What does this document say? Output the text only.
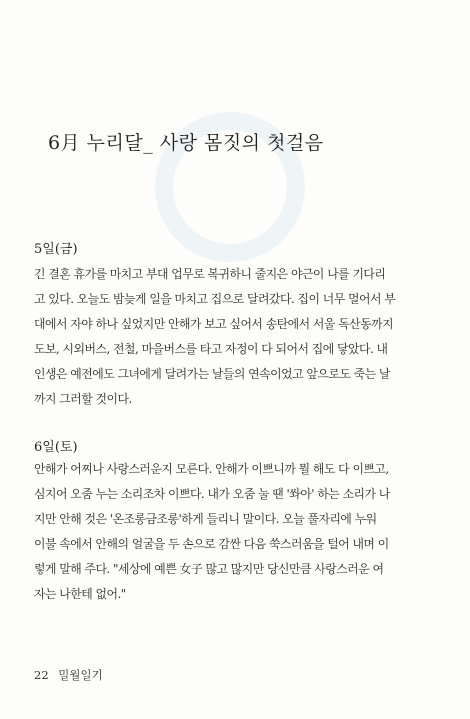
6月 누리달_ 사랑 몸짓의 첫걸음
5일(금)

긴 결혼 휴가를 마치고 부대 업무로 복귀하니 줄지은 야근이 나를 기다리
고 있다. 오늘도 밤늦게 일을 마치고 집으로 달려갔다. 집이 너무 멀어서 부
대에서 자야 하나 싶었지만 안해가 보고 싶어서 송탄에서 서울 독산동까지
도보, 시외버스, 전철, 마을버스를 타고 자정이 다 되어서 집에 닿았다. 내
인생은 예전에도 그녀에게 달려가는 날들의 연속이었고 앞으로도 죽는 날
까지 그러할 것이다.

6일(토)

안해가 어찌나 사랑스러운지 모른다. 안해가 이쁘니까 뭘 해도 다 이쁘고,
심지어 오줌 누는 소리조차 이쁘다. 내가 오줌 눌 땐 '쏴아' 하는 소리가 나
지만 안해 것은 '온조롱금조롱'하게 들리니 말이다. 오늘 풀자리에 누워
이불 속에서 안해의 얼굴을 두 손으로 감싼 다음 쑥스러움을 털어 내며 이
렇게 말해 주다. "세상에 예쁜 女子 많고 많지만 당신만큼 사랑스러운 여
자는 나한테 없어."

22 밀월일기
